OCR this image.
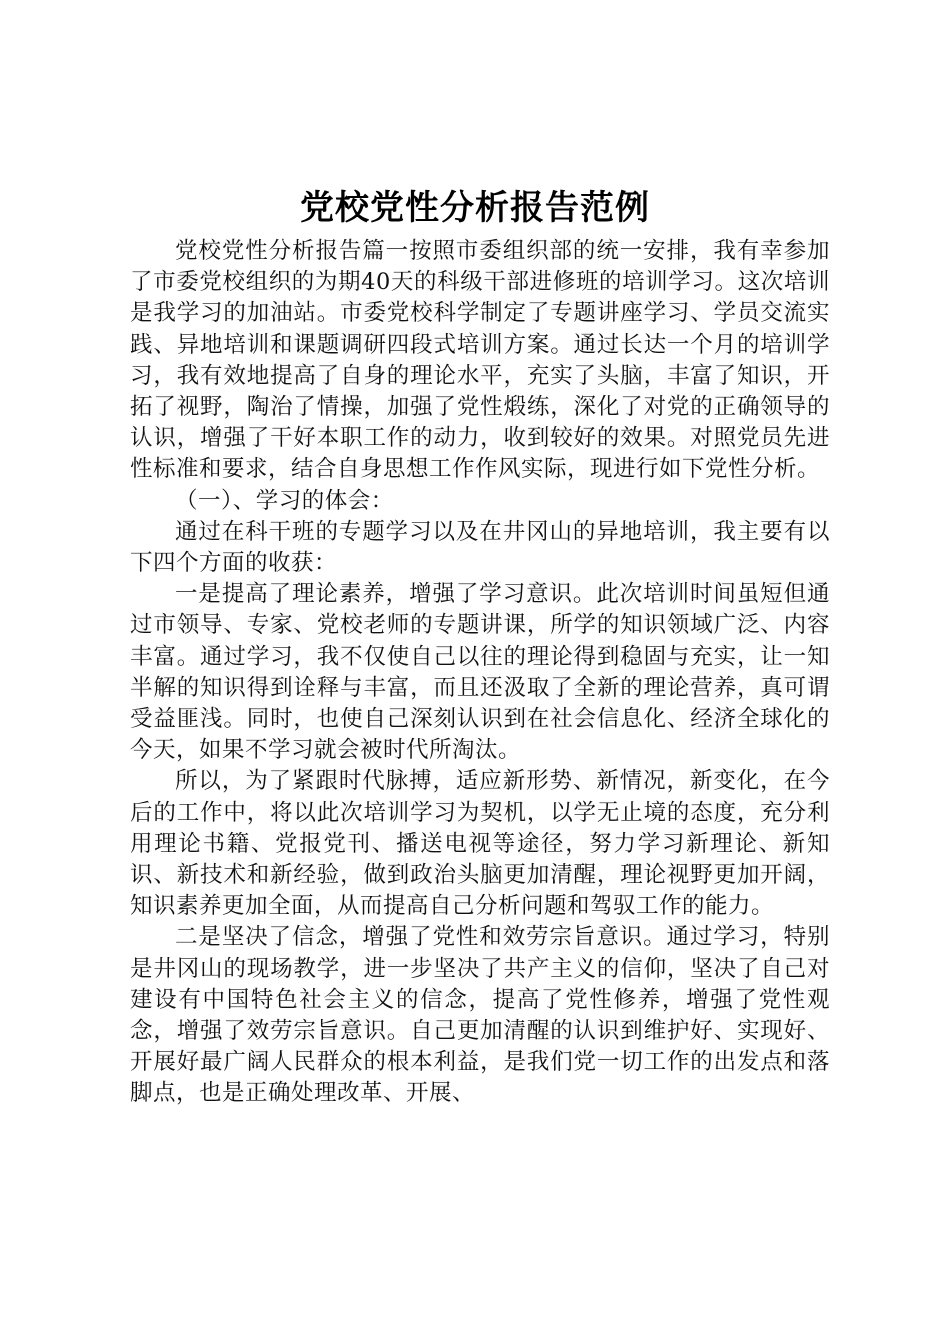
党校党性分析报告范例

党校党性分析报告篇一按照市委组织部的统一安排，我有幸参加了市委党校组织的为期40天的科级干部进修班的培训学习。这次培训是我学习的加油站。市委党校科学制定了专题讲座学习、学员交流实践、异地培训和课题调研四段式培训方案。通过长达一个月的培训学习，我有效地提高了自身的理论水平，充实了头脑，丰富了知识，开拓了视野，陶治了情操，加强了党性煅练，深化了对党的正确领导的认识，增强了干好本职工作的动力，收到较好的效果。对照党员先进性标准和要求，结合自身思想工作作风实际，现进行如下党性分析。

（一）、学习的体会：

通过在科干班的专题学习以及在井冈山的异地培训，我主要有以下四个方面的收获：

一是提高了理论素养，增强了学习意识。此次培训时间虽短但通过市领导、专家、党校老师的专题讲课，所学的知识领域广泛、内容丰富。通过学习，我不仅使自己以往的理论得到稳固与充实，让一知半解的知识得到诠释与丰富，而且还汲取了全新的理论营养，真可谓受益匪浅。同时，也使自己深刻认识到在社会信息化、经济全球化的今天，如果不学习就会被时代所淘汰。

所以，为了紧跟时代脉搏，适应新形势、新情况，新变化，在今后的工作中，将以此次培训学习为契机，以学无止境的态度，充分利用理论书籍、党报党刊、播送电视等途径，努力学习新理论、新知识、新技术和新经验，做到政治头脑更加清醒，理论视野更加开阔，知识素养更加全面，从而提高自己分析问题和驾驭工作的能力。

二是坚决了信念，增强了党性和效劳宗旨意识。通过学习，特别是井冈山的现场教学，进一步坚决了共产主义的信仰，坚决了自己对建设有中国特色社会主义的信念，提高了党性修养，增强了党性观念，增强了效劳宗旨意识。自己更加清醒的认识到维护好、实现好、开展好最广阔人民群众的根本利益，是我们党一切工作的出发点和落脚点，也是正确处理改革、开展、
